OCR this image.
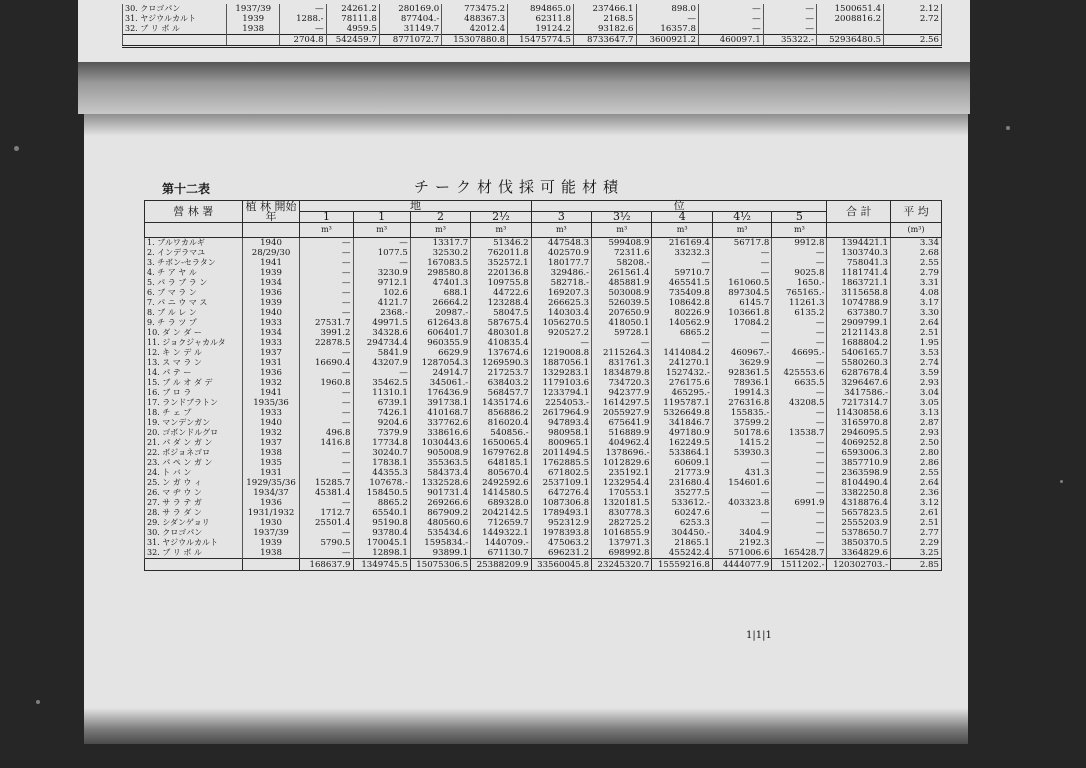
30. クロゴパン	1937/39	—	24261.2	280169.0	773475.2	894865.0	237466.1	898.0	—	—	1500651.4	2.12
31. ヤジウルカルト	1939	1288.-	78111.8	877404.-	488367.3	62311.8	2168.5	—	—	—	2008816.2	2.72
32. ブ リ ボ ル	1938	—	4959.5	31149.7	42012.4	19124.2	93182.6	16357.8	—	—		
		2704.8	542459.7	8771072.7	15307880.8	15475774.5	8733647.7	3600921.2	460097.1	35322.-	52936480.5	2.56
第十二表	チーク材伐採可能材積
營 林 署	植 林 開始年	地				位					合 計	平 均
		1	1	2	2½	3	3½	4	4½	5		
		m³	m³	m³	m³	m³	m³	m³	m³	m³		(m³)
1. ブルワカルギ	1940	—	—	13317.7	51346.2	447548.3	599408.9	216169.4	56717.8	9912.8	1394421.1	3.34
2. インデラマユ	28/29/30	—	1077.5	32530.2	762011.8	402570.9	72311.6	33232.3	—	—	1303740.3	2.68
3. チボン-セラタン	1941	—	—	167083.5	352572.1	180177.7	58208.-	—	—	—	758041.3	2.55
4. チ ア ヤ ル	1939	—	3230.9	298580.8	220136.8	329486.-	261561.4	59710.7	—	9025.8	1181741.4	2.79
5. パ ラ ブ ラ ン	1934	—	9712.1	47401.3	109755.8	582718.-	485881.9	465541.5	161060.5	1650.-	1863721.1	3.31
6. ブ マ ラ ン	1936	—	102.6	688.1	44722.6	169207.3	503008.9	735409.8	897304.5	765165.-	3115658.8	4.08
7. パ ニ ウ マ ス	1939	—	4121.7	26664.2	123288.4	266625.3	526039.5	108642.8	6145.7	11261.3	1074788.9	3.17
8. ブ ル レ ン	1940	—	2368.-	20987.-	58047.5	140303.4	207650.9	80226.9	103661.8	6135.2	637380.7	3.30
9. チ ラ ツ プ	1933	27531.7	49971.5	612643.8	587675.4	1056270.5	418050.1	140562.9	17084.2	—	2909799.1	2.64
10. ダ ン ダ ー	1934	3991.2	34328.6	606401.7	480301.8	920527.2	59728.1	6865.2	—	—	2121143.8	2.51
11. ジョクジャカルタ	1933	22878.5	294734.4	960355.9	410835.4	—	—	—	—	—	1688804.2	1.95
12. キ ン デ ル	1937	—	5841.9	6629.9	137674.6	1219008.8	2115264.3	1414084.2	460967.-	46695.-	5406165.7	3.53
13. ス マ ラ ン	1931	16690.4	43207.9	1287054.3	1269590.3	1887056.1	831761.3	241270.1	3629.9	—	5580260.3	2.74
14. パ テ ー	1936	—	—	24914.7	217253.7	1329283.1	1834879.8	1527432.-	928361.5	425553.6	6287678.4	3.59
15. ブ ル オ ダ デ	1932	1960.8	35462.5	345061.-	638403.2	1179103.6	734720.3	276175.6	78936.1	6635.5	3296467.6	2.93
16. ブ ロ ラ	1941	—	11310.1	176436.9	568457.7	1233794.1	942377.9	465295.-	19914.3	—	3417586.-	3.04
17. ランドブラトン	1935/36	—	6739.1	391738.1	1435174.6	2254053.-	1614297.5	1195787.1	276316.8	43208.5	7217314.7	3.05
18. チ ェ プ	1933	—	7426.1	410168.7	856886.2	2617964.9	2055927.9	5326649.8	155835.-	—	11430858.6	3.13
19. マンデンガン	1940	—	9204.6	337762.6	816020.4	947893.4	675641.9	341846.7	37599.2	—	3165970.8	2.87
20. ゴボンドルグロ	1932	496.8	7379.9	338616.6	540856.-	980958.1	516889.9	497180.9	50178.6	13538.7	2946095.5	2.93
21. パ ダ ン ガ ン	1937	1416.8	17734.8	1030443.6	1650065.4	800965.1	404962.4	162249.5	1415.2	—	4069252.8	2.50
22. ボジョネゴロ	1938	—	30240.7	905008.9	1679762.8	2011494.5	1378696.-	533864.1	53930.3	—	6593006.3	2.80
23. パ ペ ン ガ ン	1935	—	17838.1	355363.5	648185.1	1762885.5	1012829.6	60609.1	—	—	3857710.9	2.86
24. ト バ ン	1931	—	44355.3	584373.4	805670.4	671802.5	235192.1	21773.9	431.3	—	2363598.9	2.55
25. ン ガ ウ ィ	1929/35/36	15285.7	107678.-	1332528.6	2492592.6	2537109.1	1232954.4	231680.4	154601.6	—	8104490.4	2.64
26. マ ヂ ウ ン	1934/37	45381.4	158450.5	901731.4	1414580.5	647276.4	170553.1	35277.5	—	—	3382250.8	2.36
27. サ ラ テ ガ	1936	—	8865.2	269266.6	689328.0	1087306.8	1320181.5	533612.-	403323.8	6991.9	4318876.4	3.12
28. サ ラ ダ ン	1931/1932	1712.7	65540.1	867909.2	2042142.5	1789493.1	830778.3	60247.6	—	—	5657823.5	2.61
29. シダンゲョリ	1930	25501.4	95190.8	480560.6	712659.7	952312.9	282725.2	6253.3	—	—	2555203.9	2.51
30. クロゴパン	1937/39	—	93780.4	535434.6	1449322.1	1978393.8	1016855.9	304450.-	3404.9	—	5378650.7	2.77
31. ヤジウルカルト	1939	5790.5	170045.1	1595834.-	1440709.-	475063.2	137971.3	21865.1	2192.3	—	3850370.5	2.29
32. ブ リ ボ ル	1938	—	12898.1	93899.1	671130.7	696231.2	698992.8	455242.4	571006.6	165428.7	3364829.6	3.25
		168637.9	1349745.5	15075306.5	25388209.9	33560045.8	23245320.7	15559216.8	4444077.9	1511202.-	120302703.-	2.85
1|1|1
